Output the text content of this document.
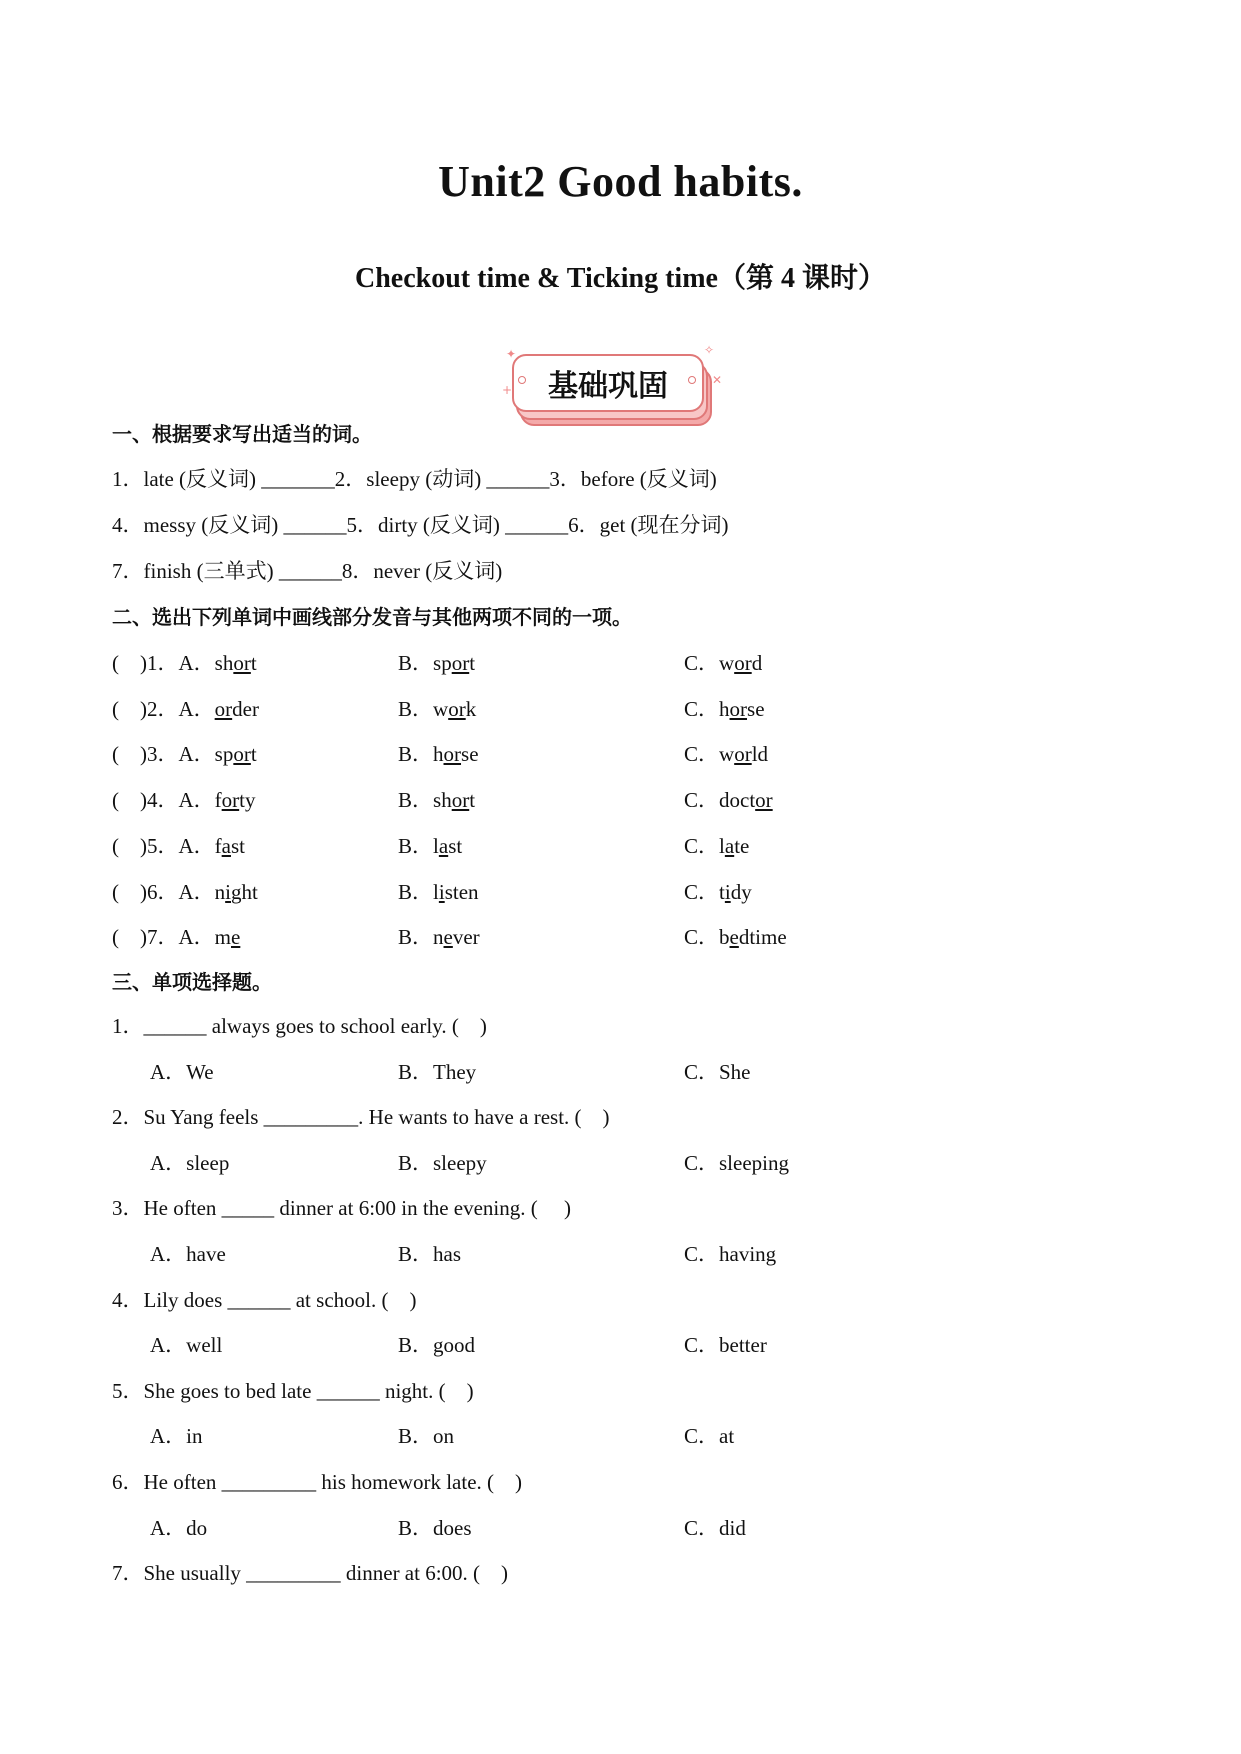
Unit2 Good habits.
Checkout time & Ticking time（第 4 课时）
基础巩固
✦	✧
+
✕
一、根据要求写出适当的词。
1．late (反义词) _______2．sleepy (动词) ______3．before (反义词)
4．messy (反义词) ______5．dirty (反义词) ______6．get (现在分词)
7．finish (三单式) ______8．never (反义词)
二、选出下列单词中画线部分发音与其他两项不同的一项。
(　)1．A．short	B．sport	C．word
(　)2．A．order	B．work	C．horse
(　)3．A．sport	B．horse	C．world
(　)4．A．forty	B．short	C．doctor
(　)5．A．fast	B．last	C．late
(　)6．A．night	B．listen	C．tidy
(　)7．A．me	B．never	C．bedtime
三、单项选择题。
1．______ always goes to school early. (　)
A．We	B．They	C．She
2．Su Yang feels _________. He wants to have a rest. (　)
A．sleep	B．sleepy	C．sleeping
3．He often _____ dinner at 6:00 in the evening. (　 )
A．have	B．has	C．having
4．Lily does ______ at school. (　)
A．well	B．good	C．better
5．She goes to bed late ______ night. (　)
A．in	B．on	C．at
6．He often _________ his homework late. (　)
A．do	B．does	C．did
7．She usually _________ dinner at 6:00. (　)
